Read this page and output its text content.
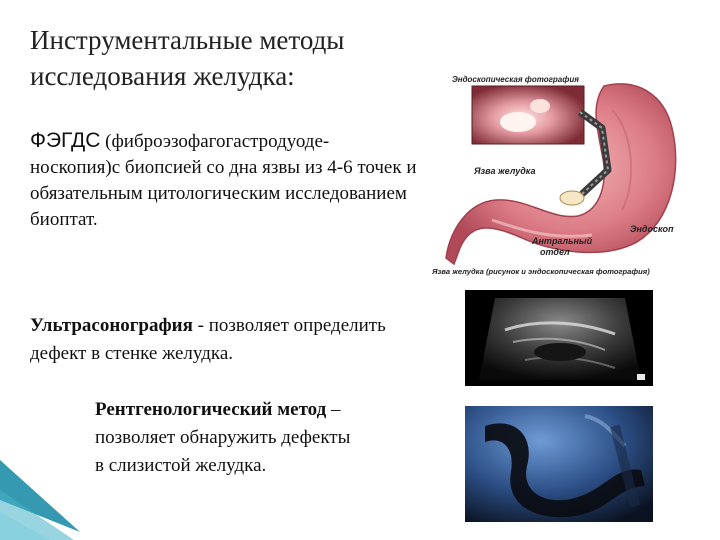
Инструментальные методы исследования желудка:
ФЭГДС (фиброэзофагогастродуоде-
носкопия)с биопсией со дна язвы из 4-6 точек и обязательным цитологическим исследованием биоптат.
Ультрасонография - позволяет определить дефект в стенке желудка.
Рентгенологический метод –
позволяет обнаружить дефекты
в слизистой желудка.
Эндоскопическая фотография
Язва желудка
Эндоскоп
Антральный
отдел
Язва желудка (рисунок и эндоскопическая фотография)
